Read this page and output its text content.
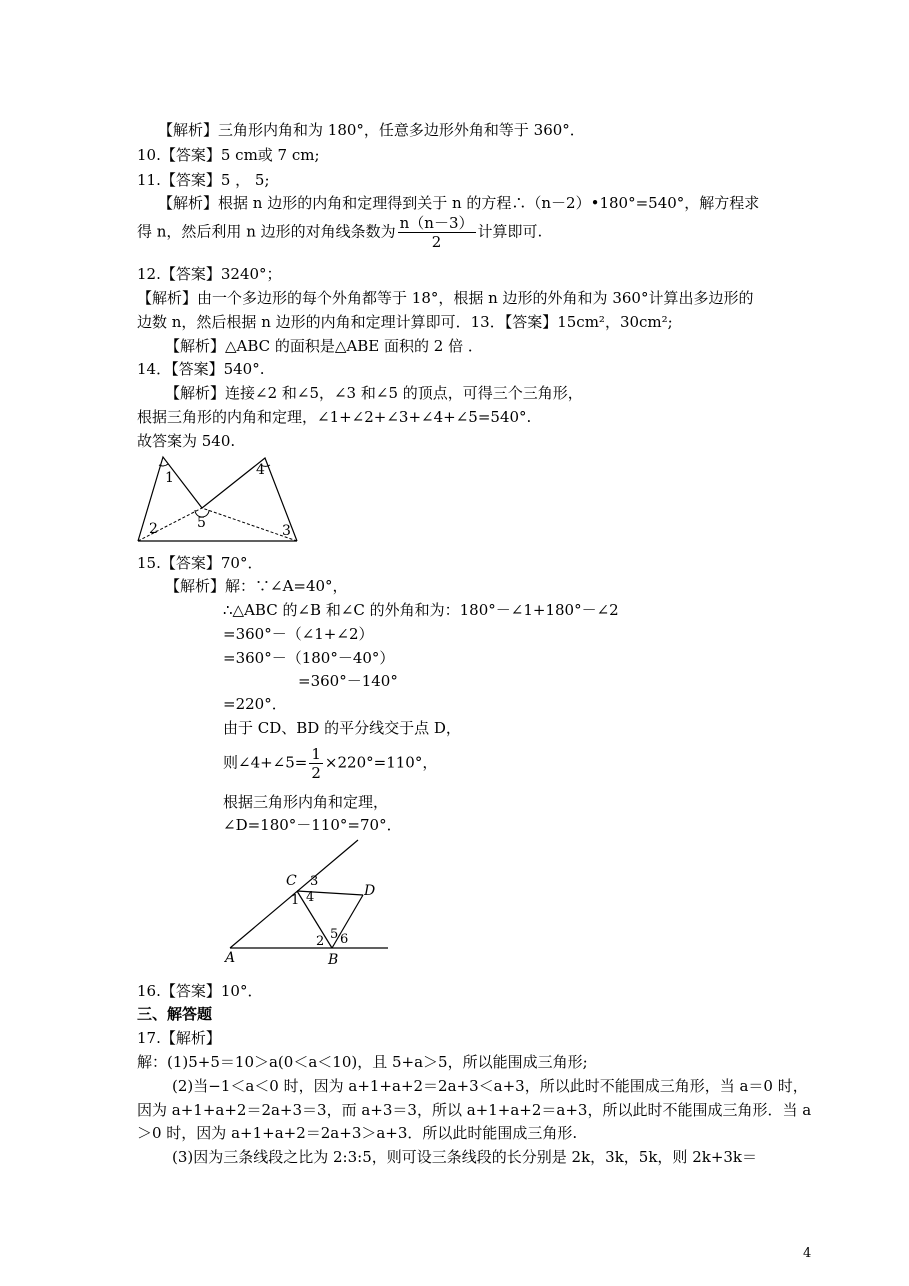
【解析】三角形内角和为 180°，任意多边形外角和等于 360°．
10.【答案】5 cm或 7 cm;
11.【答案】5 ， 5;
【解析】根据 n 边形的内角和定理得到关于 n 的方程∴（n－2）•180°=540°，解方程求
得 n，然后利用 n 边形的对角线条数为 $\frac{n(n-3)}{2}$ 计算即可.
12.【答案】3240°；
【解析】由一个多边形的每个外角都等于 18°，根据 n 边形的外角和为 360°计算出多边形的
边数 n，然后根据 n 边形的内角和定理计算即可．13．【答案】15cm²，30cm²;
【解析】△ABC 的面积是△ABE 面积的 2 倍 ．
14．【答案】540°.
【解析】连接∠2 和∠5，∠3 和∠5 的顶点，可得三个三角形，
根据三角形的内角和定理，∠1+∠2+∠3+∠4+∠5=540°.
故答案为 540.
1
2	3
4
5
15.【答案】70°．
【解析】解：∵∠A=40°，
∴△ABC 的∠B 和∠C 的外角和为：180°－∠1+180°－∠2
=360°－（∠1+∠2）
=360°－（180°－40°）
=360°－140°
=220°．
由于 CD、BD 的平分线交于点 D，
则∠4+∠5= $\frac{1}{2} \times 220^\circ=110^\circ$，
根据三角形内角和定理，
∠D=180°－110°=70°．
C
D
A	B
1
2
3
4
5 6
16.【答案】10°．
三、解答题
17.【解析】
解：(1)5+5＝10＞a(0＜a＜10)，且 5+a＞5，所以能围成三角形;
(2)当−1＜a＜0 时，因为 a+1+a+2＝2a+3＜a+3，所以此时不能围成三角形，当 a＝0 时，
因为 a+1+a+2＝2a+3＝3，而 a+3＝3，所以 a+1+a+2＝a+3，所以此时不能围成三角形．当 a
＞0 时，因为 a+1+a+2＝2a+3＞a+3．所以此时能围成三角形.
(3)因为三条线段之比为 2:3:5，则可设三条线段的长分别是 2k，3k，5k，则 2k+3k＝
4
